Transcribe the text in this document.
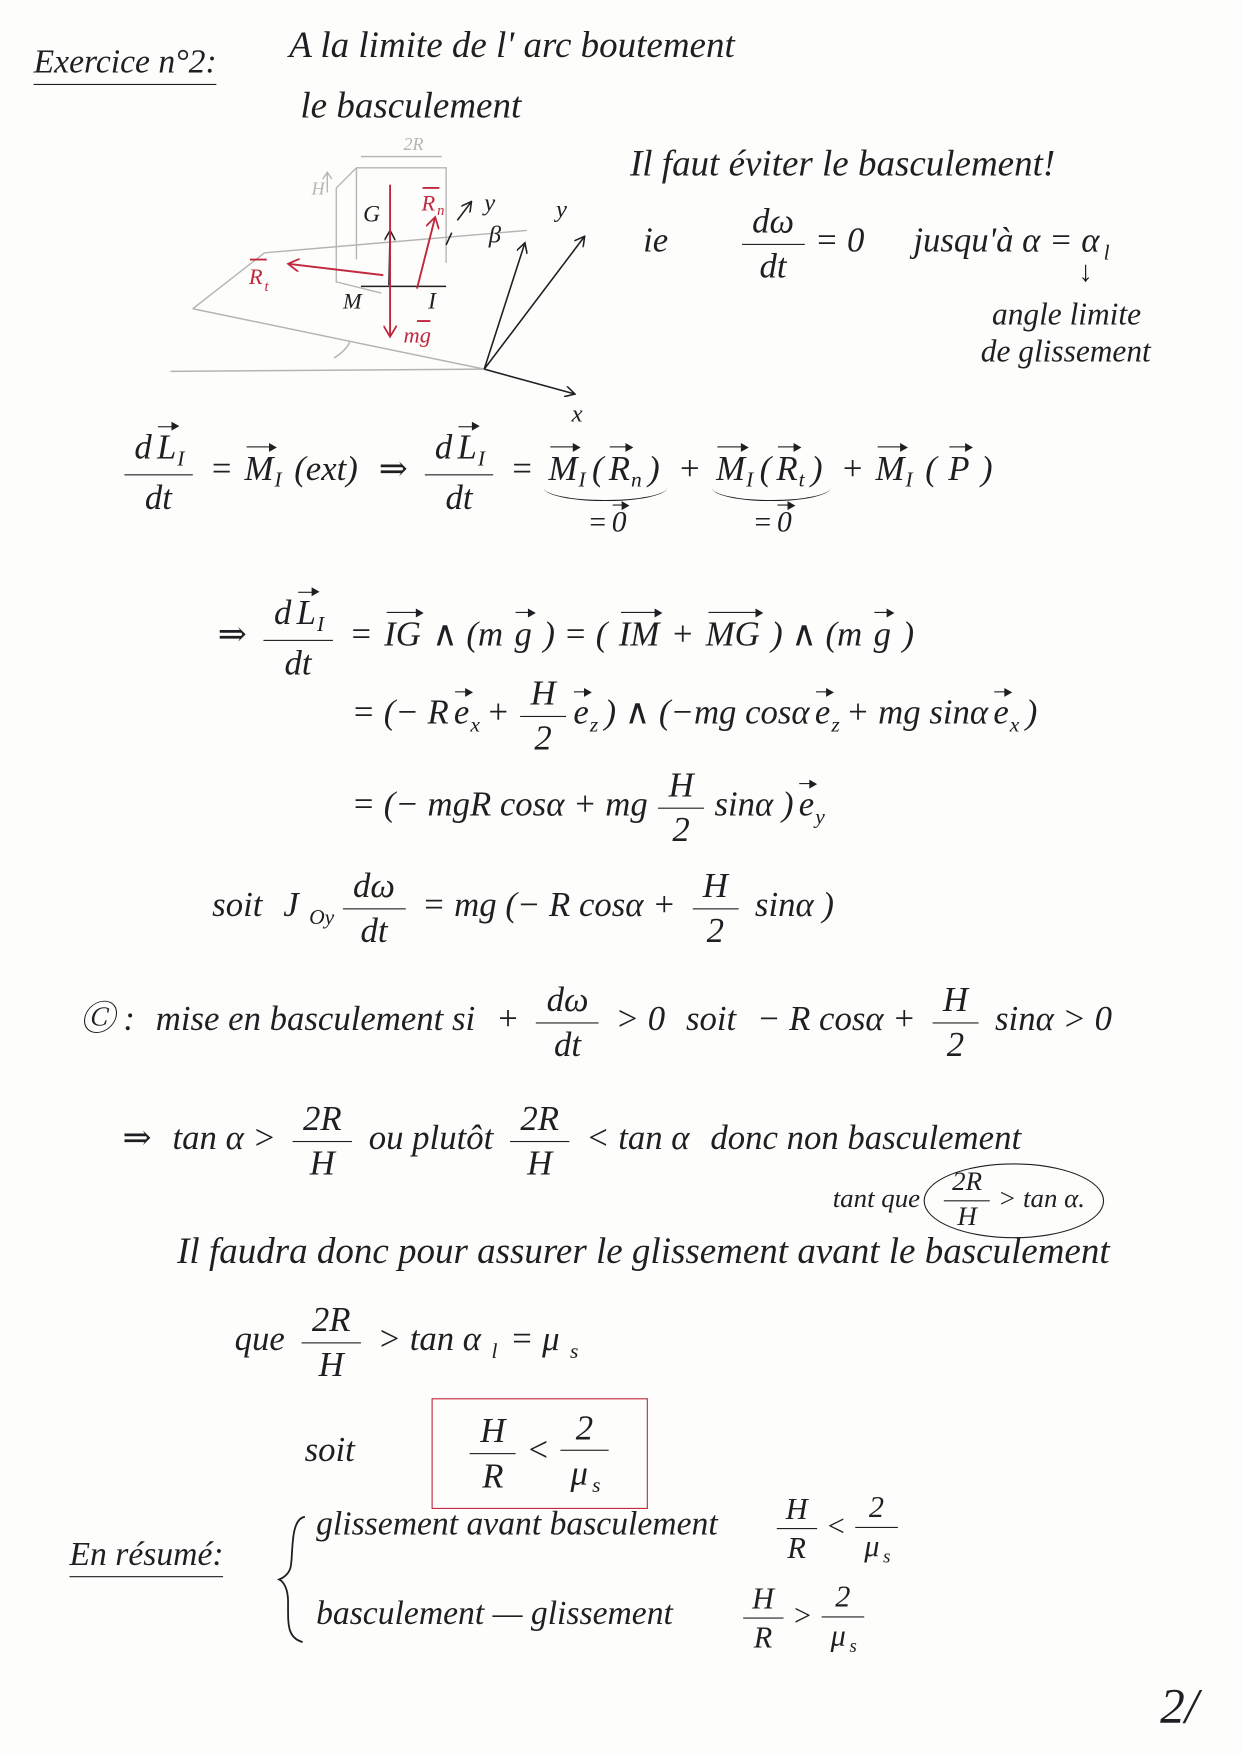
Exercice n°2: A la limite de l' arc boutement
le basculement
Il faut éviter le basculement!
ie $\frac{d\omega}{dt} = 0$ jusqu'à α = α $_l$
↓
angle limite
de glissement
2R
H
G
M	I
y
β
y
x
mg
R t
R n
$\frac{d L_I}{dt} = M_I$ (ext) ⇒ $\frac{d L_I}{dt} = \frac{M_I ( R_n )}{= 0} + \frac{M_I ( R_t )}{= 0} + M_I$ ( P )
⇒ $\frac{d L_I}{dt}$ = IG ∧ (m g ) = ( IM + MG ) ∧ (m g )
= (− R $e_x + \frac{H}{2} e_z$ ) ∧ (−mg cosα $e_z$ + mg sinα $e_x$ )
= (− mgR cosα + mg $\frac{H}{2}$ sinα ) $e_y$
soit J $_{Oy} \frac{d\omega}{dt}$ = mg (− R $\cos\alpha + \frac{H}{2}$ sinα )
Ⓒ : mise en basculement si + $\frac{d\omega}{dt} > 0$ soit − R $\cos\alpha + \frac{H}{2}$ sinα > 0
⇒ $\tan \alpha > \frac{2R}{H}$ ou plutôt $\frac{2R}{H} < \tan \alpha$ donc non basculement
tant que $\frac{2R}{H} > \tan \alpha$.
Il faudra donc pour assurer le glissement avant le basculement
que $\frac{2R}{H} > \tan \alpha$ $_l$ = μ $_s$
soit	$\frac{H}{R} < \frac{2}{\mu _s}$
En résumé:
glissement avant basculement $\frac{H}{R} < \frac{2}{\mu _s}$
basculement — glissement	$\frac{H}{R} > \frac{2}{\mu _s}$
2/
